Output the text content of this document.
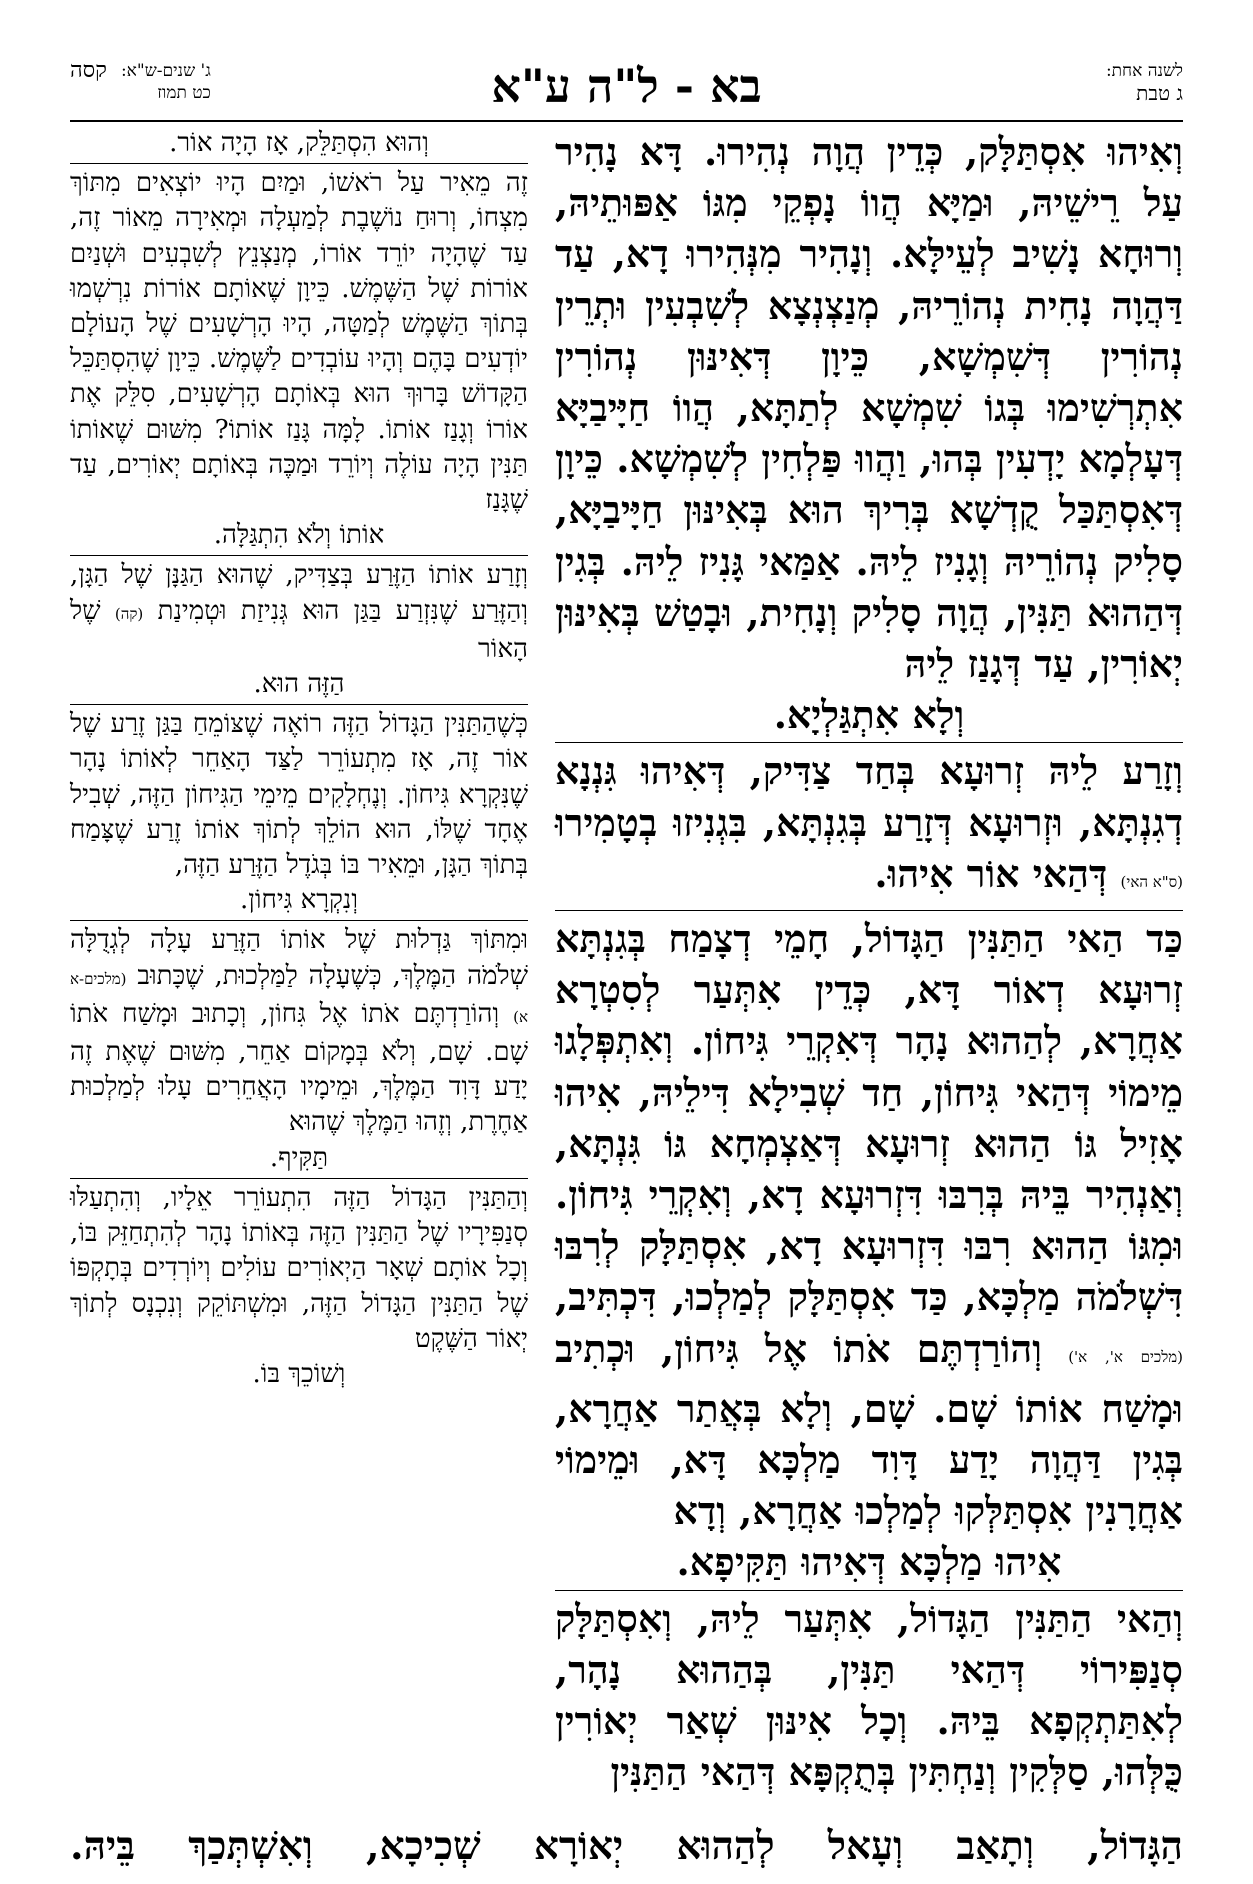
לשנה אחת:
ג טבת
בא - ל"ה ע"א
ג' שנים-ש"א:
קסה
כט תמוז

וְאִיהוּ אִסְתַּלָּק, כְּדֵין הֲוָה נְהִירוּ. דָּא נָהִיר עַל רֵישֵׁיהּ, וּמַיָּא הֲווֹ נָפְקֵי מִגּוֹ אַפּוּתֵיהּ, וְרוּחָא נָשִׁיב לְעֵילָּא. וְנָהִיר מִנְּהִירוּ דָא, עַד דַּהֲוָה נָחִית נְהוֹרֵיהּ, מְנַצְנְצָא לְשִׁבְעִין וּתְרֵין נְהוֹרִין דְּשִׁמְשָׁא, כֵּיוָן דְּאִינּוּן נְהוֹרִין אִתְרְשִׁימוּ בְּגוֹ שִׁמְשָׁא לְתַתָּא, הֲווֹ חַיָּיבַיָּא דְּעָלְמָא יָדְעִין בְּהוּ, וַהֲווּ פַּלְחִין לְשִׁמְשָׁא. כֵּיוָן דְּאִסְתַּכַּל קֻדְשָׁא בְּרִיךְ הוּא בְּאִינּוּן חַיָּיבַיָּא, סָלִיק נְהוֹרֵיהּ וְגָנִיז לֵיהּ. אַמַּאי גָּנִיז לֵיהּ. בְּגִין דְּהַהוּא תַּנִּין, הֲוָה סָלִיק וְנָחִית, וּבָטַשׁ בְּאִינּוּן יְאוֹרִין, עַד דְּגָנַז לֵיהּ

וְלָא אִתְגַּלְיָא.

וְזָרַע לֵיהּ זְרוּעָא בְּחַד צַדִּיק, דְּאִיהוּ גִּנְנָא דְגִנְתָּא, וּזְרוּעָא דְּזָרַע בְּגִנְתָּא, בִּגְנִיזוּ בְטָמִירוּ (ס"א האי) דְּהַאי אוֹר אִיהוּ.

כַּד הַאי הַתַּנִּין הַגָּדוֹל, חָמֵי דְצָמַח בְּגִנְתָּא זְרוּעָא דְאוֹר דָּא, כְּדֵין אִתְּעַר לְסִטְרָא אַחֲרָא, לְהַהוּא נָהָר דְּאִקְרֵי גִּיחוֹן. וְאִתְפְּלָגוּ מֵימוֹי דְּהַאי גִּיחוֹן, חַד שְׁבִילָא דִּילֵיהּ, אִיהוּ אָזִיל גּוֹ הַהוּא זְרוּעָא דְּאַצְמְחָא גּוֹ גִּנְתָּא, וְאַנְהִיר בֵּיהּ בְּרִבּוּ דִּזְרוּעָא דָא, וְאִקְרֵי גִּיחוֹן. וּמִגּוֹ הַהוּא רִבּוּ דִּזְרוּעָא דָא, אִסְתַּלָּק לְרִבּוּ דִּשְׁלֹמֹה מַלְכָּא, כַּד אִסְתַּלָּק לְמַלְכוּ, דִּכְתִּיב, (מלכים א', א') וְהוֹרַדְתֶּם אֹתוֹ אֶל גִּיחוֹן, וּכְתִיב וּמָשַׁח אוֹתוֹ שָׁם. שָׁם, וְלָא בְּאֲתַר אַחֲרָא, בְּגִין דַּהֲוָה יָדַע דָּוִד מַלְכָּא דָּא, וּמֵימוֹי אַחֲרָנִין אִסְתַּלְּקוּ לְמַלְכוּ אַחֲרָא, וְדָא

אִיהוּ מַלְכָּא דְּאִיהוּ תַּקִּיפָא.

וְהַאי הַתַּנִּין הַגָּדוֹל, אִתְּעַר לֵיהּ, וְאִסְתַּלָּק סְנַפִּירוֹי דְּהַאי תַּנִּין, בְּהַהוּא נָהָר, לְאִתַּתְקְפָא בֵּיהּ. וְכָל אִינּוּן שְׁאַר יְאוֹרִין כֻּלְּהוּ, סַלְּקִין וְנַחְתִּין בְּתֻקְפָּא דְּהַאי הַתַּנִּין

וְהוּא הִסְתַּלֵּק, אָז הָיָה אוֹר.

זֶה מֵאִיר עַל רֹאשׁוֹ, וּמַיִם הָיוּ יוֹצְאִים מִתּוֹךְ מִצְחוֹ, וְרוּחַ נוֹשֶׁבֶת לְמַעְלָה וּמְאִירָה מֵאוֹר זֶה, עַד שֶׁהָיָה יוֹרֵד אוֹרוֹ, מְנַצְנֵץ לְשִׁבְעִים וּשְׁנַיִם אוֹרוֹת שֶׁל הַשֶּׁמֶשׁ. כֵּיוָן שֶׁאוֹתָם אוֹרוֹת נִרְשְׁמוּ בְּתוֹךְ הַשֶּׁמֶשׁ לְמַטָּה, הָיוּ הָרְשָׁעִים שֶׁל הָעוֹלָם יוֹדְעִים בָּהֶם וְהָיוּ עוֹבְדִים לַשֶּׁמֶשׁ. כֵּיוָן שֶׁהִסְתַּכֵּל הַקָּדוֹשׁ בָּרוּךְ הוּא בְּאוֹתָם הָרְשָׁעִים, סִלֵּק אֶת אוֹרוֹ וְגָנַז אוֹתוֹ. לָמָּה גָּנַז אוֹתוֹ? מִשּׁוּם שֶׁאוֹתוֹ תַּנִּין הָיָה עוֹלֶה וְיוֹרֵד וּמַכֶּה בְּאוֹתָם יְאוֹרִים, עַד שֶׁגָּנַז

אוֹתוֹ וְלֹא הִתְגַּלָּה.

וְזָרַע אוֹתוֹ הַזֶּרַע בְּצַדִּיק, שֶׁהוּא הַגַּנָּן שֶׁל הַגָּן, וְהַזֶּרַע שֶׁנִּזְרַע בַּגַּן הוּא גְּנִיזַת וּטְמִינַת (קה) שֶׁל הָאוֹר

הַזֶּה הוּא.

כְּשֶׁהַתַּנִּין הַגָּדוֹל הַזֶּה רוֹאֶה שֶׁצּוֹמֵחַ בַּגַּן זֶרַע שֶׁל אוֹר זֶה, אָז מִתְעוֹרֵר לַצַּד הָאַחֵר לְאוֹתוֹ נָהָר שֶׁנִּקְרָא גִּיחוֹן. וְנֶחְלָקִים מֵימֵי הַגִּיחוֹן הַזֶּה, שְׁבִיל אֶחָד שֶׁלּוֹ, הוּא הוֹלֵךְ לְתוֹךְ אוֹתוֹ זֶרַע שֶׁצָּמַח בְּתוֹךְ הַגָּן, וּמֵאִיר בּוֹ בְּגֹדֶל הַזֶּרַע הַזֶּה,

וְנִקְרָא גִּיחוֹן.

וּמִתּוֹךְ גַּדְלוּת שֶׁל אוֹתוֹ הַזֶּרַע עָלָה לְגְדֻלָּה שְׁלֹמֹה הַמֶּלֶךְ, כְּשֶׁעָלָה לַמַּלְכוּת, שֶׁכָּתוּב (מלכים-א א) וְהוֹרַדְתֶּם אֹתוֹ אֶל גִּחוֹן, וְכָתוּב וּמָשַׁח אֹתוֹ שָׁם. שָׁם, וְלֹא בְּמָקוֹם אַחֵר, מִשּׁוּם שֶׁאֶת זֶה יָדַע דָּוִד הַמֶּלֶךְ, וּמֵימָיו הָאֲחֵרִים עָלוּ לְמַלְכוּת אַחֶרֶת, וְזֶהוּ הַמֶּלֶךְ שֶׁהוּא

תַּקִּיף.

וְהַתַּנִּין הַגָּדוֹל הַזֶּה הִתְעוֹרֵר אֵלָיו, וְהִתְעַלּוּ סְנַפִּירָיו שֶׁל הַתַּנִּין הַזֶּה בְּאוֹתוֹ נָהָר לְהִתְחַזֵּק בּוֹ, וְכָל אוֹתָם שְׁאָר הַיְאוֹרִים עוֹלִים וְיוֹרְדִים בְּתָקְפּוֹ שֶׁל הַתַּנִּין הַגָּדוֹל הַזֶּה, וּמִשְׁתּוֹקֵק וְנִכְנָס לְתוֹךְ יְאוֹר הַשֶּׁקֶט

וְשׁוֹכֵךְ בּוֹ.

הַגָּדוֹל, וְתָאַב וְעָאל לְהַהוּא יְאוֹרָא שְׁכִיכָא, וְאִשְׁתְּכַךְ בֵּיהּ.
